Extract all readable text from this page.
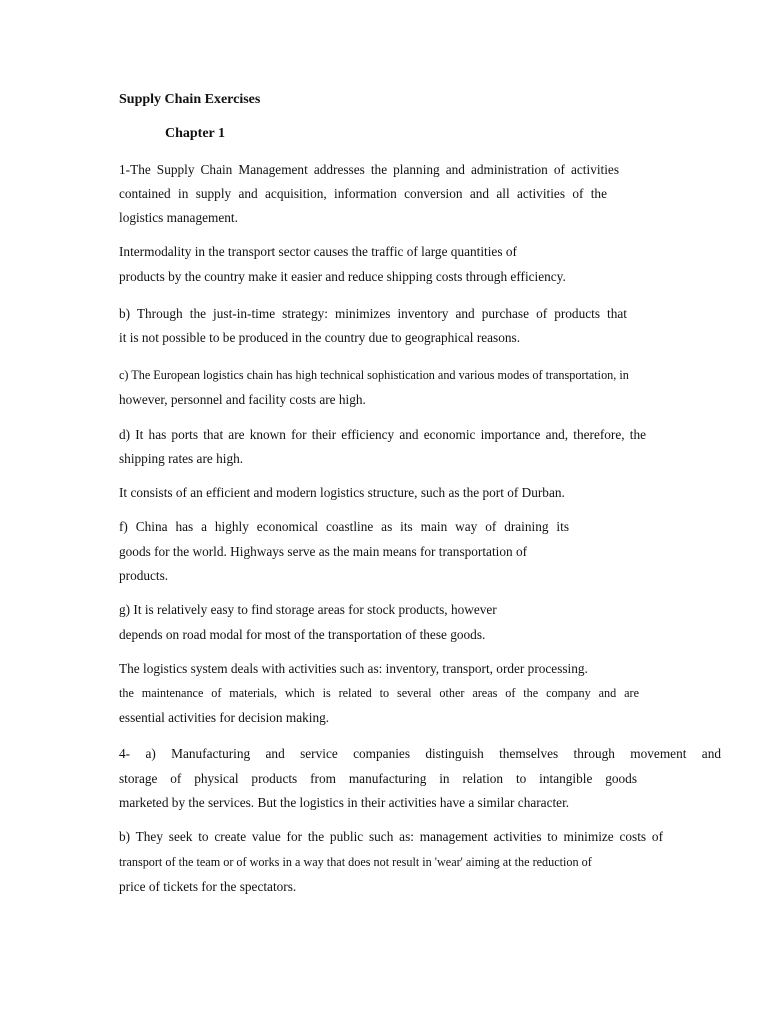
Supply Chain Exercises
Chapter 1
1-The Supply Chain Management addresses the planning and administration of activities
contained in supply and acquisition, information conversion and all activities of the
logistics management.
Intermodality in the transport sector causes the traffic of large quantities of
products by the country make it easier and reduce shipping costs through efficiency.
b) Through the just-in-time strategy: minimizes inventory and purchase of products that
it is not possible to be produced in the country due to geographical reasons.
c) The European logistics chain has high technical sophistication and various modes of transportation, in
however, personnel and facility costs are high.
d) It has ports that are known for their efficiency and economic importance and, therefore, the
shipping rates are high.
It consists of an efficient and modern logistics structure, such as the port of Durban.
f) China has a highly economical coastline as its main way of draining its
goods for the world. Highways serve as the main means for transportation of
products.
g) It is relatively easy to find storage areas for stock products, however
depends on road modal for most of the transportation of these goods.
The logistics system deals with activities such as: inventory, transport, order processing.
the maintenance of materials, which is related to several other areas of the company and are
essential activities for decision making.
4- a) Manufacturing and service companies distinguish themselves through movement and
storage of physical products from manufacturing in relation to intangible goods
marketed by the services. But the logistics in their activities have a similar character.
b) They seek to create value for the public such as: management activities to minimize costs of
transport of the team or of works in a way that does not result in 'wear' aiming at the reduction of
price of tickets for the spectators.
